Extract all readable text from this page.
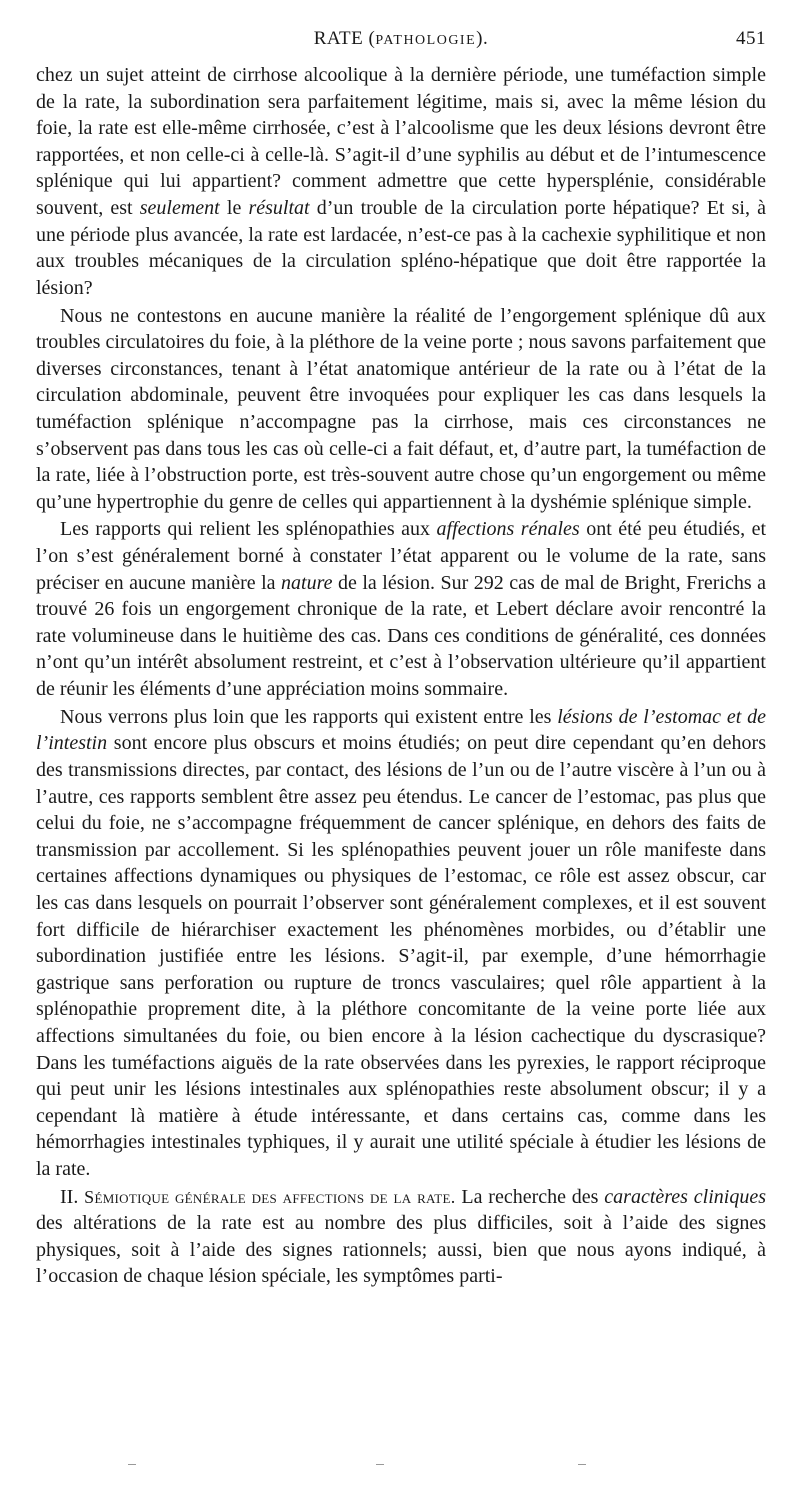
RATE (PATHOLOGIE).	451

chez un sujet atteint de cirrhose alcoolique à la dernière période, une tuméfaction simple de la rate, la subordination sera parfaitement légitime, mais si, avec la même lésion du foie, la rate est elle-même cirrhosée, c’est à l’alcoolisme que les deux lésions devront être rapportées, et non celle-ci à celle-là. S’agit-il d’une syphilis au début et de l’intumescence splénique qui lui appartient? comment admettre que cette hypersplénie, considérable souvent, est seulement le résultat d’un trouble de la circulation porte hépatique? Et si, à une période plus avancée, la rate est lardacée, n’est-ce pas à la cachexie syphilitique et non aux troubles mécaniques de la circulation spléno-hépatique que doit être rapportée la lésion?

Nous ne contestons en aucune manière la réalité de l’engorgement splénique dû aux troubles circulatoires du foie, à la pléthore de la veine porte ; nous savons parfaitement que diverses circonstances, tenant à l’état anatomique antérieur de la rate ou à l’état de la circulation abdominale, peuvent être invoquées pour expliquer les cas dans lesquels la tuméfaction splénique n’accompagne pas la cirrhose, mais ces circonstances ne s’observent pas dans tous les cas où celle-ci a fait défaut, et, d’autre part, la tuméfaction de la rate, liée à l’obstruction porte, est très-souvent autre chose qu’un engorgement ou même qu’une hypertrophie du genre de celles qui appartiennent à la dyshémie splénique simple.

Les rapports qui relient les splénopathies aux affections rénales ont été peu étudiés, et l’on s’est généralement borné à constater l’état apparent ou le volume de la rate, sans préciser en aucune manière la nature de la lésion. Sur 292 cas de mal de Bright, Frerichs a trouvé 26 fois un engorgement chronique de la rate, et Lebert déclare avoir rencontré la rate volumineuse dans le huitième des cas. Dans ces conditions de généralité, ces données n’ont qu’un intérêt absolument restreint, et c’est à l’observation ultérieure qu’il appartient de réunir les éléments d’une appréciation moins sommaire.

Nous verrons plus loin que les rapports qui existent entre les lésions de l’estomac et de l’intestin sont encore plus obscurs et moins étudiés; on peut dire cependant qu’en dehors des transmissions directes, par contact, des lésions de l’un ou de l’autre viscère à l’un ou à l’autre, ces rapports semblent être assez peu étendus. Le cancer de l’estomac, pas plus que celui du foie, ne s’accompagne fréquemment de cancer splénique, en dehors des faits de transmission par accollement. Si les splénopathies peuvent jouer un rôle manifeste dans certaines affections dynamiques ou physiques de l’estomac, ce rôle est assez obscur, car les cas dans lesquels on pourrait l’observer sont généralement complexes, et il est souvent fort difficile de hiérarchiser exactement les phénomènes morbides, ou d’établir une subordination justifiée entre les lésions. S’agit-il, par exemple, d’une hémorrhagie gastrique sans perforation ou rupture de troncs vasculaires; quel rôle appartient à la splénopathie proprement dite, à la pléthore concomitante de la veine porte liée aux affections simultanées du foie, ou bien encore à la lésion cachectique du dyscrasique? Dans les tuméfactions aiguës de la rate observées dans les pyrexies, le rapport réciproque qui peut unir les lésions intestinales aux splénopathies reste absolument obscur; il y a cependant là matière à étude intéressante, et dans certains cas, comme dans les hémorrhagies intestinales typhiques, il y aurait une utilité spéciale à étudier les lésions de la rate.

II. Sémiotique générale des affections de la rate. La recherche des caractères cliniques des altérations de la rate est au nombre des plus difficiles, soit à l’aide des signes physiques, soit à l’aide des signes rationnels; aussi, bien que nous ayons indiqué, à l’occasion de chaque lésion spéciale, les symptômes parti-
